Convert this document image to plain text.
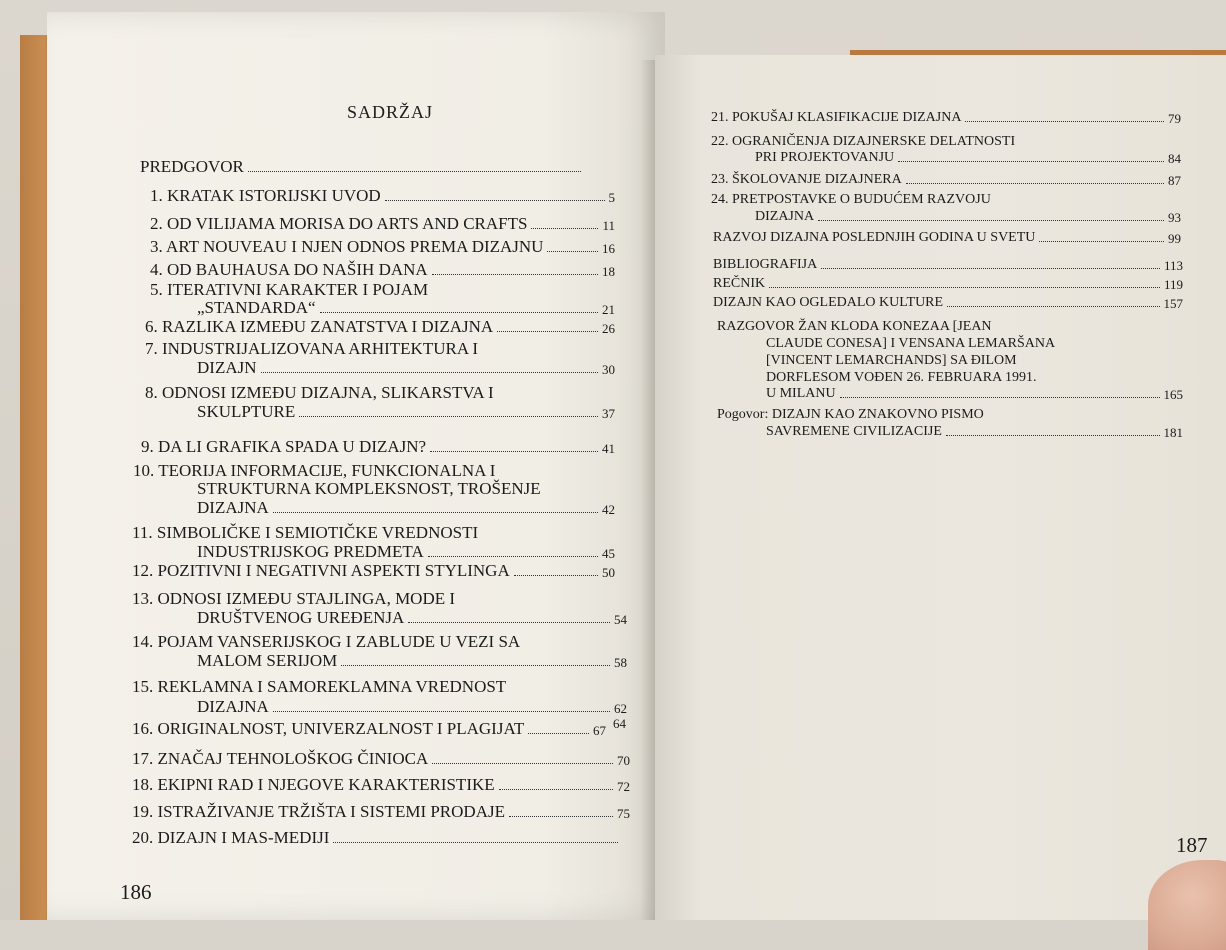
SADRŽAJ
PREDGOVOR
1. KRATAK ISTORIJSKI UVOD	5
2. OD VILIJAMA MORISA DO ARTS AND CRAFTS	11
3. ART NOUVEAU I NJEN ODNOS PREMA DIZAJNU	16
4. OD BAUHAUSA DO NAŠIH DANA	18
5. ITERATIVNI KARAKTER I POJAM
„STANDARDA“	21
6. RAZLIKA IZMEĐU ZANATSTVA I DIZAJNA	26
7. INDUSTRIJALIZOVANA ARHITEKTURA I
DIZAJN	30
8. ODNOSI IZMEĐU DIZAJNA, SLIKARSTVA I
SKULPTURE	37
9. DA LI GRAFIKA SPADA U DIZAJN?	41
10. TEORIJA INFORMACIJE, FUNKCIONALNA I
STRUKTURNA KOMPLEKSNOST, TROŠENJE
DIZAJNA	42
11. SIMBOLIČKE I SEMIOTIČKE VREDNOSTI
INDUSTRIJSKOG PREDMETA	45
12. POZITIVNI I NEGATIVNI ASPEKTI STYLINGA	50
13. ODNOSI IZMEĐU STAJLINGA, MODE I
DRUŠTVENOG UREĐENJA	54
14. POJAM VANSERIJSKOG I ZABLUDE U VEZI SA
MALOM SERIJOM	58
15. REKLAMNA I SAMOREKLAMNA VREDNOST
DIZAJNA	62
64
16. ORIGINALNOST, UNIVERZALNOST I PLAGIJAT	67
17. ZNAČAJ TEHNOLOŠKOG ČINIOCA	70
18. EKIPNI RAD I NJEGOVE KARAKTERISTIKE	72
19. ISTRAŽIVANJE TRŽIŠTA I SISTEMI PRODAJE	75
20. DIZAJN I MAS-MEDIJI
186
21. POKUŠAJ KLASIFIKACIJE DIZAJNA	79
22. OGRANIČENJA DIZAJNERSKE DELATNOSTI
PRI PROJEKTOVANJU	84
23. ŠKOLOVANJE DIZAJNERA	87
24. PRETPOSTAVKE O BUDUĆEM RAZVOJU
DIZAJNA	93
RAZVOJ DIZAJNA POSLEDNJIH GODINA U SVETU	99
BIBLIOGRAFIJA	113
REČNIK	119
DIZAJN KAO OGLEDALO KULTURE	157
RAZGOVOR ŽAN KLODA KONEZAA [JEAN
CLAUDE CONESA] I VENSANA LEMARŠANA
[VINCENT LEMARCHANDS] SA ĐILOM
DORFLESOM VOĐEN 26. FEBRUARA 1991.
U MILANU	165
Pogovor: DIZAJN KAO ZNAKOVNO PISMO
SAVREMENE CIVILIZACIJE	181
187
